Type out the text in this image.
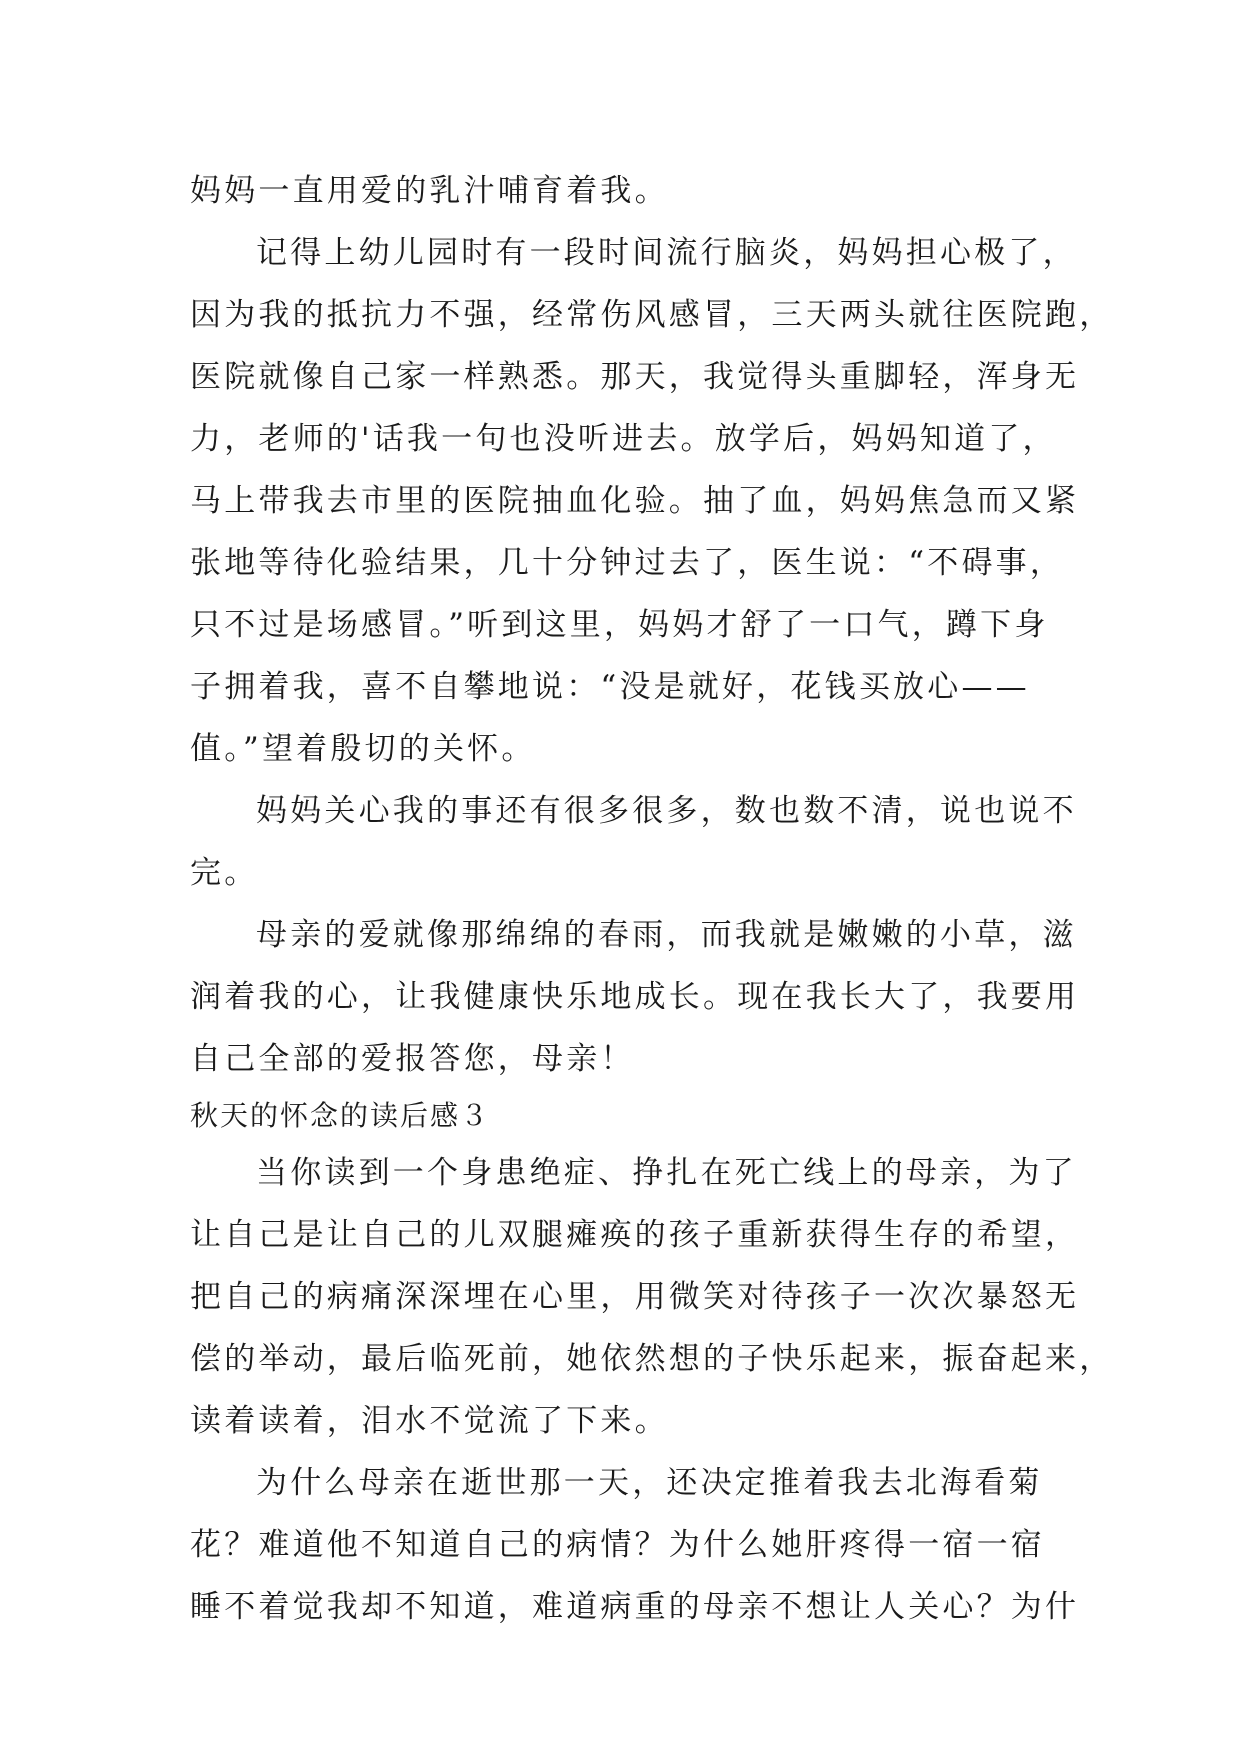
妈妈一直用爱的乳汁哺育着我。
记得上幼儿园时有一段时间流行脑炎，妈妈担心极了，
因为我的抵抗力不强，经常伤风感冒，三天两头就往医院跑，
医院就像自己家一样熟悉。那天，我觉得头重脚轻，浑身无
力，老师的'话我一句也没听进去。放学后，妈妈知道了，
马上带我去市里的医院抽血化验。抽了血，妈妈焦急而又紧
张地等待化验结果，几十分钟过去了，医生说：“不碍事，
只不过是场感冒。”听到这里，妈妈才舒了一口气，蹲下身
子拥着我，喜不自攀地说：“没是就好，花钱买放心——
值。”望着殷切的关怀。
妈妈关心我的事还有很多很多，数也数不清，说也说不
完。
母亲的爱就像那绵绵的春雨，而我就是嫩嫩的小草，滋
润着我的心，让我健康快乐地成长。现在我长大了，我要用
自己全部的爱报答您，母亲！
秋天的怀念的读后感３
当你读到一个身患绝症、挣扎在死亡线上的母亲，为了
让自己是让自己的儿双腿瘫痪的孩子重新获得生存的希望，
把自己的病痛深深埋在心里，用微笑对待孩子一次次暴怒无
偿的举动，最后临死前，她依然想的子快乐起来，振奋起来，
读着读着，泪水不觉流了下来。
为什么母亲在逝世那一天，还决定推着我去北海看菊
花？难道他不知道自己的病情？为什么她肝疼得一宿一宿
睡不着觉我却不知道，难道病重的母亲不想让人关心？为什
